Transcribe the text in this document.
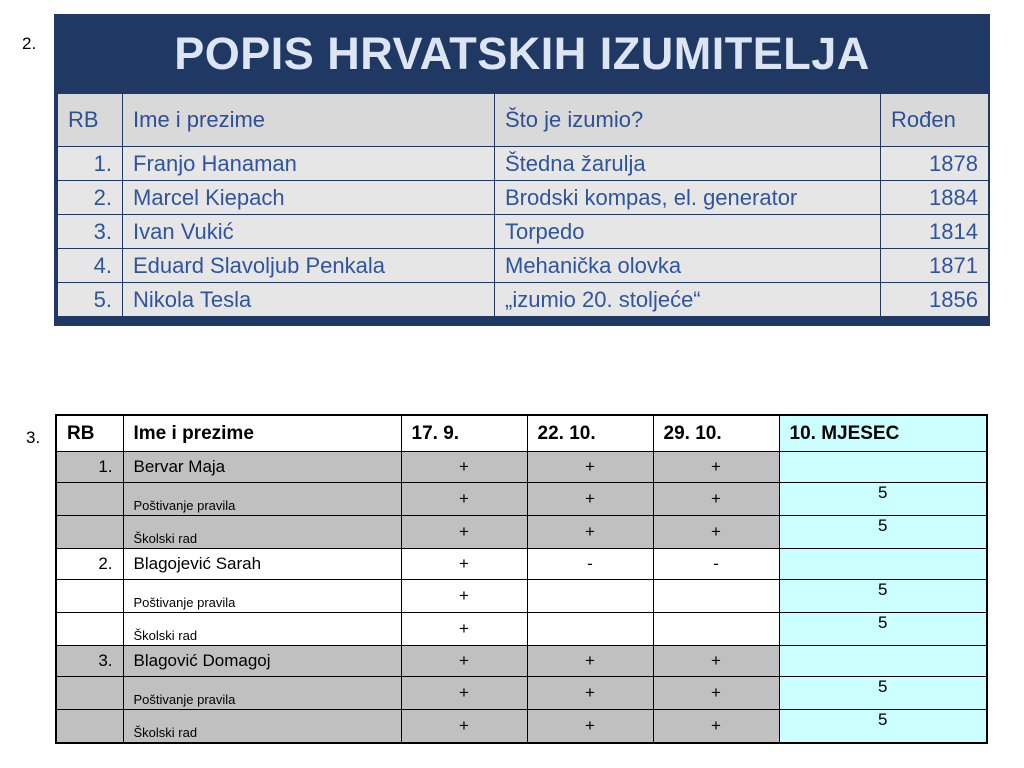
2.
3.
POPIS HRVATSKIH IZUMITELJA
RB	Ime i prezime	Što je izumio?	Rođen
1.	Franjo Hanaman	Štedna žarulja	1878
2.	Marcel Kiepach	Brodski kompas, el. generator	1884
3.	Ivan Vukić	Torpedo	1814
4.	Eduard Slavoljub Penkala	Mehanička olovka	1871
5.	Nikola Tesla	„izumio 20. stoljeće“	1856
RB	Ime i prezime	17. 9.	22. 10.	29. 10.	10. MJESEC
1.	Bervar Maja	+	+	+	
	Poštivanje pravila	+	+	+	5
	Školski rad	+	+	+	5
2.	Blagojević Sarah	+	-	-	
	Poštivanje pravila	+			5
	Školski rad	+			5
3.	Blagović Domagoj	+	+	+	
	Poštivanje pravila	+	+	+	5
	Školski rad	+	+	+	5
